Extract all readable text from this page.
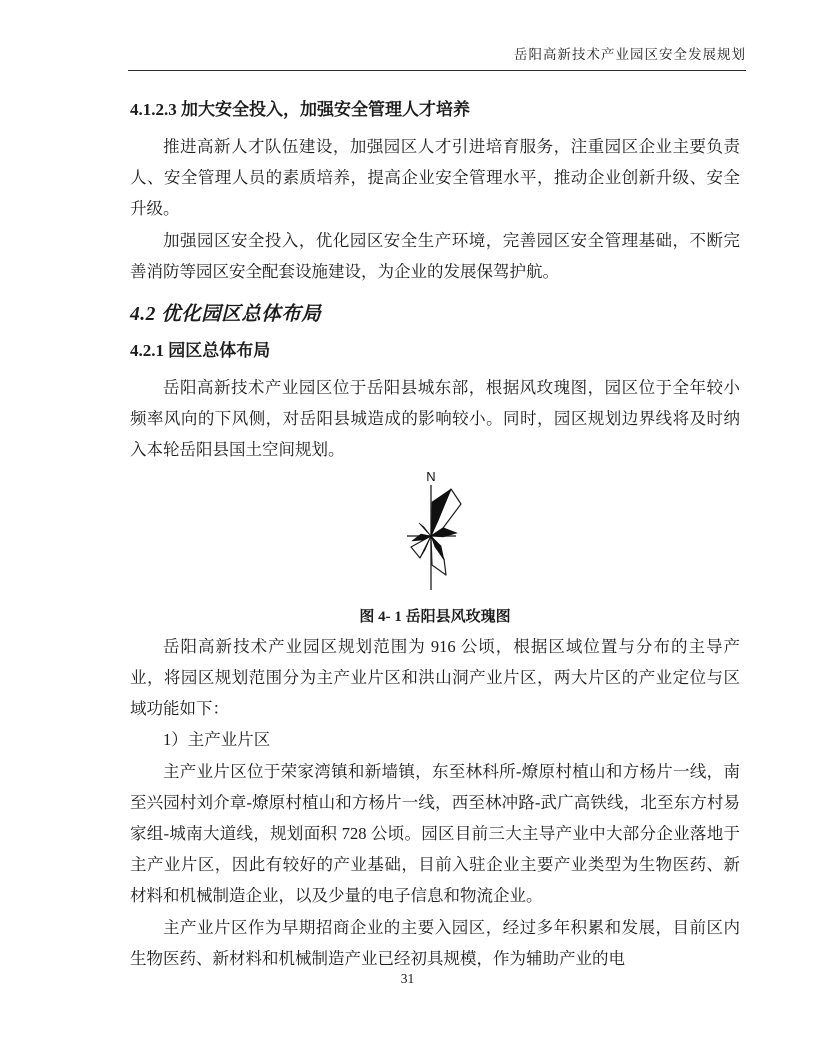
岳阳高新技术产业园区安全发展规划
4.1.2.3 加大安全投入，加强安全管理人才培养

推进高新人才队伍建设，加强园区人才引进培育服务，注重园区企业主要负责人、安全管理人员的素质培养，提高企业安全管理水平，推动企业创新升级、安全升级。

加强园区安全投入，优化园区安全生产环境，完善园区安全管理基础，不断完善消防等园区安全配套设施建设，为企业的发展保驾护航。

4.2 优化园区总体布局
4.2.1 园区总体布局

岳阳高新技术产业园区位于岳阳县城东部，根据风玫瑰图，园区位于全年较小频率风向的下风侧，对岳阳县城造成的影响较小。同时，园区规划边界线将及时纳入本轮岳阳县国土空间规划。

N
图 4- 1 岳阳县风玫瑰图

岳阳高新技术产业园区规划范围为 916 公顷，根据区域位置与分布的主导产业，将园区规划范围分为主产业片区和洪山洞产业片区，两大片区的产业定位与区域功能如下：

1）主产业片区

主产业片区位于荣家湾镇和新墙镇，东至林科所-燎原村植山和方杨片一线，南至兴园村刘介章-燎原村植山和方杨片一线，西至林冲路-武广高铁线，北至东方村易家组-城南大道线，规划面积 728 公顷。园区目前三大主导产业中大部分企业落地于主产业片区，因此有较好的产业基础，目前入驻企业主要产业类型为生物医药、新材料和机械制造企业，以及少量的电子信息和物流企业。

主产业片区作为早期招商企业的主要入园区，经过多年积累和发展，目前区内生物医药、新材料和机械制造产业已经初具规模，作为辅助产业的电

31
